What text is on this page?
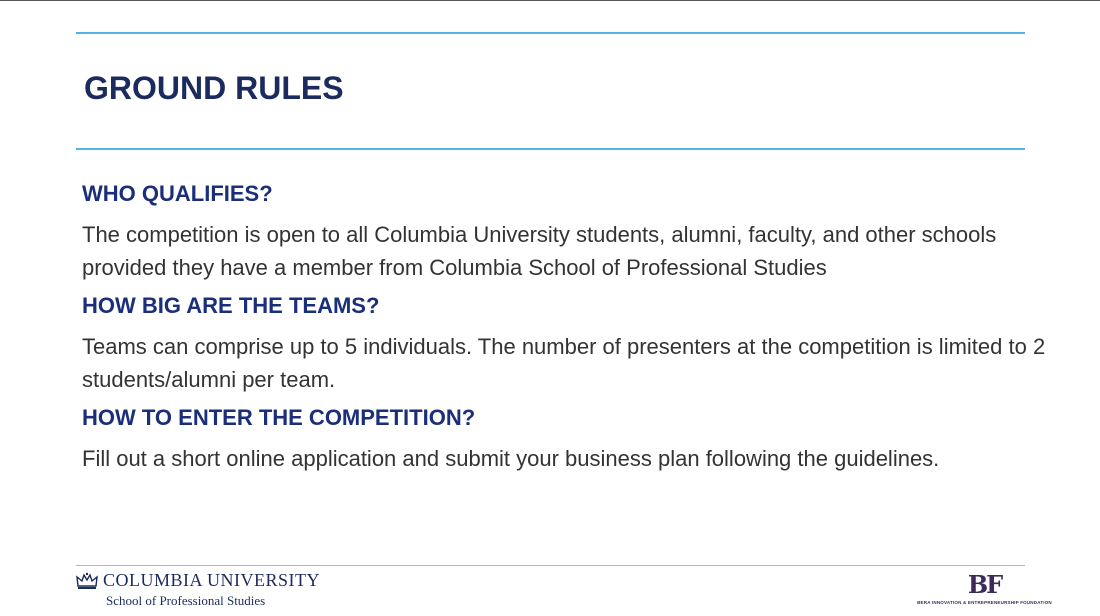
GROUND RULES
WHO QUALIFIES?
The competition is open to all Columbia University students, alumni, faculty, and other schools provided they have a member from Columbia School of Professional Studies
HOW BIG ARE THE TEAMS?
Teams can comprise up to 5 individuals. The number of presenters at the competition is limited to 2 students/alumni per team.
HOW TO ENTER THE COMPETITION?
Fill out a short online application and submit your business plan following the guidelines.
COLUMBIA UNIVERSITY
School of Professional Studies
BF
BERA INNOVATION & ENTREPRENEURSHIP FOUNDATION
